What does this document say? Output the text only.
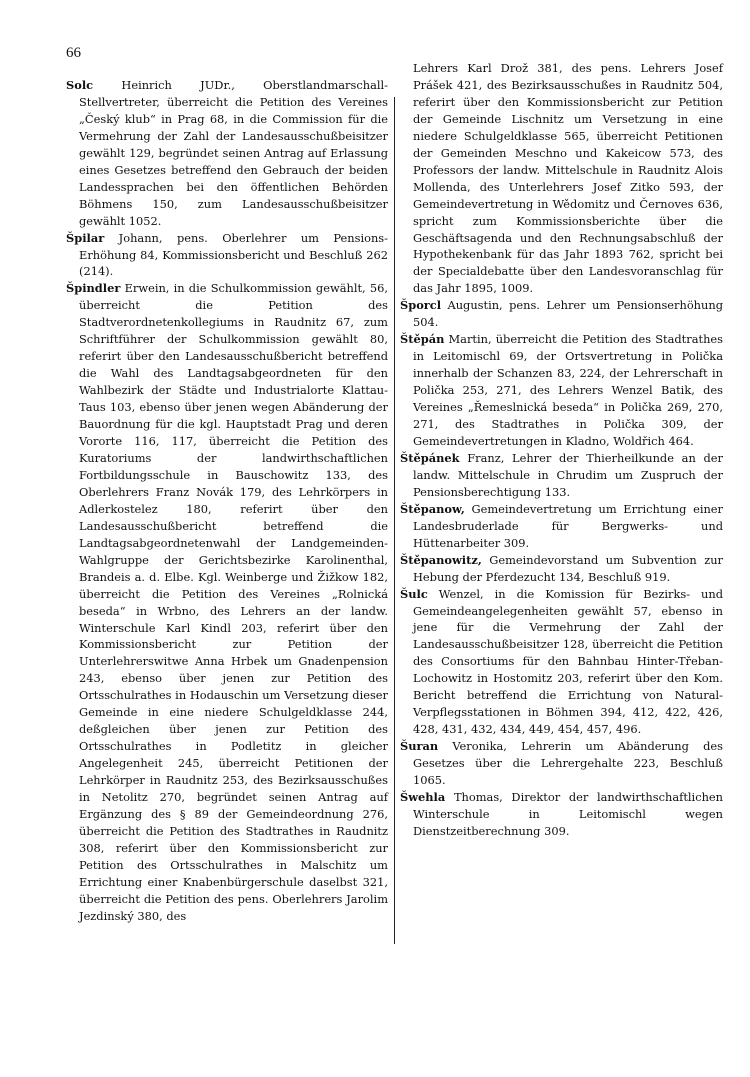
66

Solc Heinrich JUDr., Oberstlandmarschall-Stellvertreter, überreicht die Petition des Vereines „Český klub“ in Prag 68, in die Commission für die Vermehrung der Zahl der Landesausschußbeisitzer gewählt 129, begründet seinen Antrag auf Erlassung eines Gesetzes betreffend den Gebrauch der beiden Landessprachen bei den öffentlichen Behörden Böhmens 150, zum Landesausschußbeisitzer gewählt 1052.

Špilar Johann, pens. Oberlehrer um Pensions-Erhöhung 84, Kommissionsbericht und Beschluß 262 (214).

Špindler Erwein, in die Schulkommission gewählt, 56, überreicht die Petition des Stadtverordnetenkollegiums in Raudnitz 67, zum Schriftführer der Schulkommission gewählt 80, referirt über den Landesausschußbericht betreffend die Wahl des Landtagsabgeordneten für den Wahlbezirk der Städte und Industrialorte Klattau-Taus 103, ebenso über jenen wegen Abänderung der Bauordnung für die kgl. Hauptstadt Prag und deren Vororte 116, 117, überreicht die Petition des Kuratoriums der landwirthschaftlichen Fortbildungsschule in Bauschowitz 133, des Oberlehrers Franz Novák 179, des Lehrkörpers in Adlerkostelez 180, referirt über den Landesausschußbericht betreffend die Landtagsabgeordnetenwahl der Landgemeinden-Wahlgruppe der Gerichtsbezirke Karolinenthal, Brandeis a. d. Elbe. Kgl. Weinberge und Žižkow 182, überreicht die Petition des Vereines „Rolnická beseda“ in Wrbno, des Lehrers an der landw. Winterschule Karl Kindl 203, referirt über den Kommissionsbericht zur Petition der Unterlehrerswitwe Anna Hrbek um Gnadenpension 243, ebenso über jenen zur Petition des Ortsschulrathes in Hodauschin um Versetzung dieser Gemeinde in eine niedere Schulgeldklasse 244, deßgleichen über jenen zur Petition des Ortsschulrathes in Podletitz in gleicher Angelegenheit 245, überreicht Petitionen der Lehrkörper in Raudnitz 253, des Bezirksausschußes in Netolitz 270, begründet seinen Antrag auf Ergänzung des § 89 der Gemeindeordnung 276, überreicht die Petition des Stadtrathes in Raudnitz 308, referirt über den Kommissionsbericht zur Petition des Ortsschulrathes in Malschitz um Errichtung einer Knabenbürgerschule daselbst 321, überreicht die Petition des pens. Oberlehrers Jarolim Jezdinský 380, des

Lehrers Karl Drož 381, des pens. Lehrers Josef Prášek 421, des Bezirksausschußes in Raudnitz 504, referirt über den Kommissionsbericht zur Petition der Gemeinde Lischnitz um Versetzung in eine niedere Schulgeldklasse 565, überreicht Petitionen der Gemeinden Meschno und Kakeicow 573, des Professors der landw. Mittelschule in Raudnitz Alois Mollenda, des Unterlehrers Josef Zitko 593, der Gemeindevertretung in Wědomitz und Černoves 636, spricht zum Kommissionsberichte über die Geschäftsagenda und den Rechnungsabschluß der Hypothekenbank für das Jahr 1893 762, spricht bei der Specialdebatte über den Landesvoranschlag für das Jahr 1895, 1009.

Šporcl Augustin, pens. Lehrer um Pensionserhöhung 504.

Štěpán Martin, überreicht die Petition des Stadtrathes in Leitomischl 69, der Ortsvertretung in Polička innerhalb der Schanzen 83, 224, der Lehrerschaft in Polička 253, 271, des Lehrers Wenzel Batik, des Vereines „Řemeslnická beseda“ in Polička 269, 270, 271, des Stadtrathes in Polička 309, der Gemeindevertretungen in Kladno, Woldřich 464.

Štěpánek Franz, Lehrer der Thierheilkunde an der landw. Mittelschule in Chrudim um Zuspruch der Pensionsberechtigung 133.

Štěpanow, Gemeindevertretung um Errichtung einer Landesbruderlade für Bergwerks- und Hüttenarbeiter 309.

Štěpanowitz, Gemeindevorstand um Subvention zur Hebung der Pferdezucht 134, Beschluß 919.

Šulc Wenzel, in die Komission für Bezirks- und Gemeindeangelegenheiten gewählt 57, ebenso in jene für die Vermehrung der Zahl der Landesausschußbeisitzer 128, überreicht die Petition des Consortiums für den Bahnbau Hinter-Třeban-Lochowitz in Hostomitz 203, referirt über den Kom. Bericht betreffend die Errichtung von Natural-Verpflegsstationen in Böhmen 394, 412, 422, 426, 428, 431, 432, 434, 449, 454, 457, 496.

Šuran Veronika, Lehrerin um Abänderung des Gesetzes über die Lehrergehalte 223, Beschluß 1065.

Šwehla Thomas, Direktor der landwirthschaftlichen Winterschule in Leitomischl wegen Dienstzeitberechnung 309.
